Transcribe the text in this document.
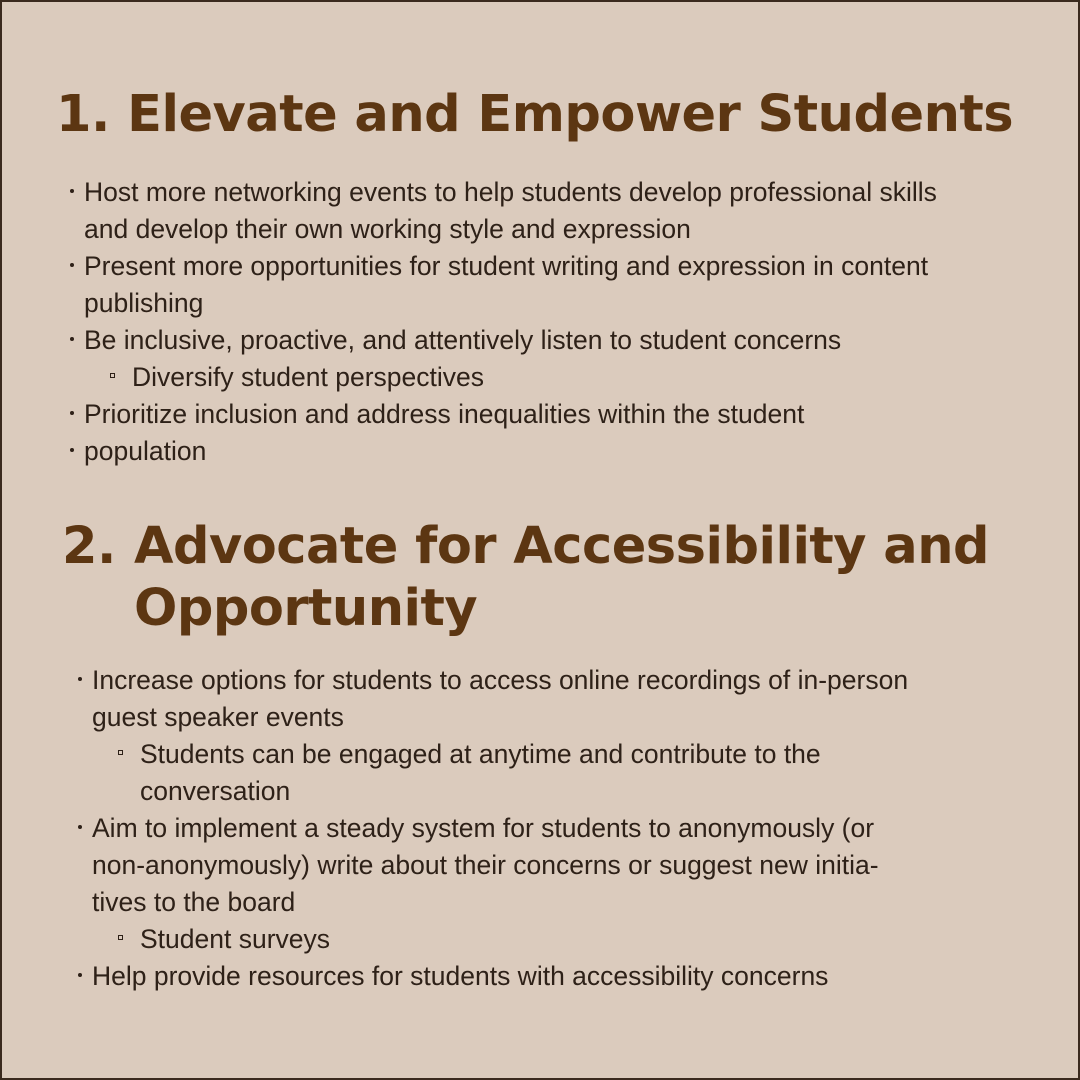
1. Elevate and Empower Students
Host more networking events to help students develop professional skills
and develop their own working style and expression
Present more opportunities for student writing and expression in content
publishing
Be inclusive, proactive, and attentively listen to student concerns
Diversify student perspectives
Prioritize inclusion and address inequalities within the student
population
2. Advocate for Accessibility and
Opportunity
Increase options for students to access online recordings of in-person
guest speaker events
Students can be engaged at anytime and contribute to the
conversation
Aim to implement a steady system for students to anonymously (or
non-anonymously) write about their concerns or suggest new initia-
tives to the board
Student surveys
Help provide resources for students with accessibility concerns
